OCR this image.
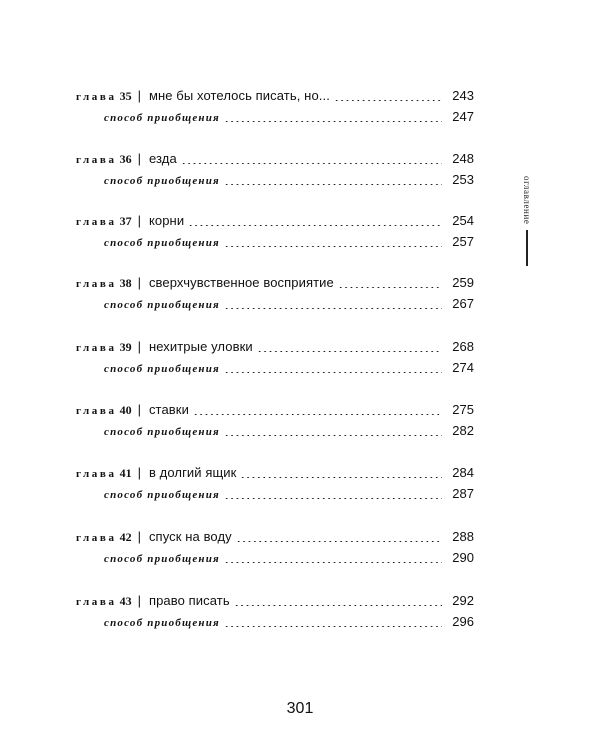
глава 35 | мне бы хотелось писать, но...	243
способ приобщения	247
глава 36 | езда	248
способ приобщения	253
глава 37 | корни	254
способ приобщения	257
глава 38 | сверхчувственное восприятие	259
способ приобщения	267
глава 39 | нехитрые уловки	268
способ приобщения	274
глава 40 | ставки	275
способ приобщения	282
глава 41 | в долгий ящик	284
способ приобщения	287
глава 42 | спуск на воду	288
способ приобщения	290
глава 43 | право писать	292
способ приобщения	296
оглавление
301
